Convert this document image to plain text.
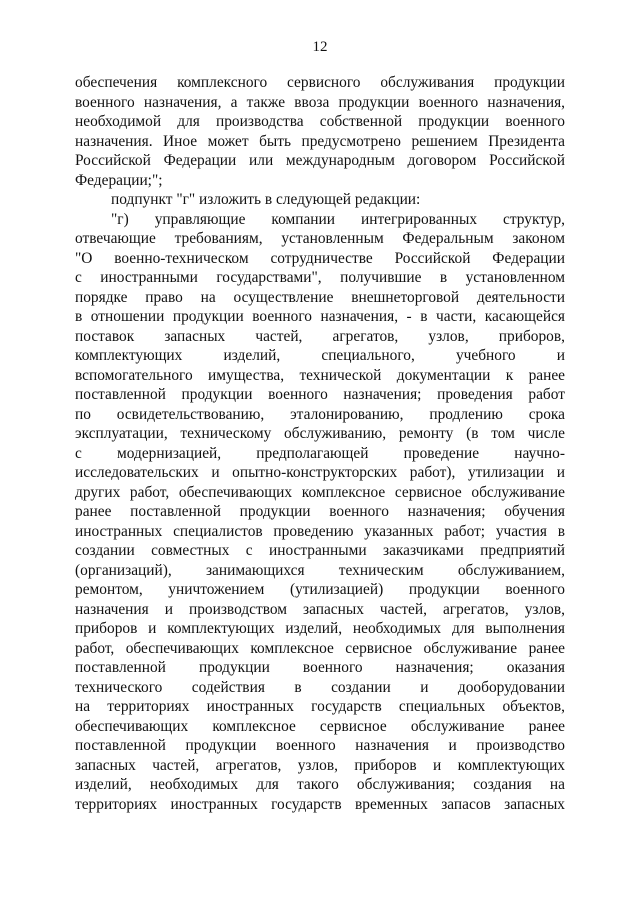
12
обеспечения комплексного сервисного обслуживания продукции
военного назначения, а также ввоза продукции военного назначения,
необходимой для производства собственной продукции военного
назначения. Иное может быть предусмотрено решением Президента
Российской Федерации или международным договором Российской
Федерации;";
подпункт "г" изложить в следующей редакции:
"г) управляющие компании интегрированных структур,
отвечающие требованиям, установленным Федеральным законом
"О военно-техническом сотрудничестве Российской Федерации
с иностранными государствами", получившие в установленном
порядке право на осуществление внешнеторговой деятельности
в отношении продукции военного назначения, - в части, касающейся
поставок запасных частей, агрегатов, узлов, приборов,
комплектующих изделий, специального, учебного и
вспомогательного имущества, технической документации к ранее
поставленной продукции военного назначения; проведения работ
по освидетельствованию, эталонированию, продлению срока
эксплуатации, техническому обслуживанию, ремонту (в том числе
с модернизацией, предполагающей проведение научно-
исследовательских и опытно-конструкторских работ), утилизации и
других работ, обеспечивающих комплексное сервисное обслуживание
ранее поставленной продукции военного назначения; обучения
иностранных специалистов проведению указанных работ; участия в
создании совместных с иностранными заказчиками предприятий
(организаций), занимающихся техническим обслуживанием,
ремонтом, уничтожением (утилизацией) продукции военного
назначения и производством запасных частей, агрегатов, узлов,
приборов и комплектующих изделий, необходимых для выполнения
работ, обеспечивающих комплексное сервисное обслуживание ранее
поставленной продукции военного назначения; оказания
технического содействия в создании и дооборудовании
на территориях иностранных государств специальных объектов,
обеспечивающих комплексное сервисное обслуживание ранее
поставленной продукции военного назначения и производство
запасных частей, агрегатов, узлов, приборов и комплектующих
изделий, необходимых для такого обслуживания; создания на
территориях иностранных государств временных запасов запасных
